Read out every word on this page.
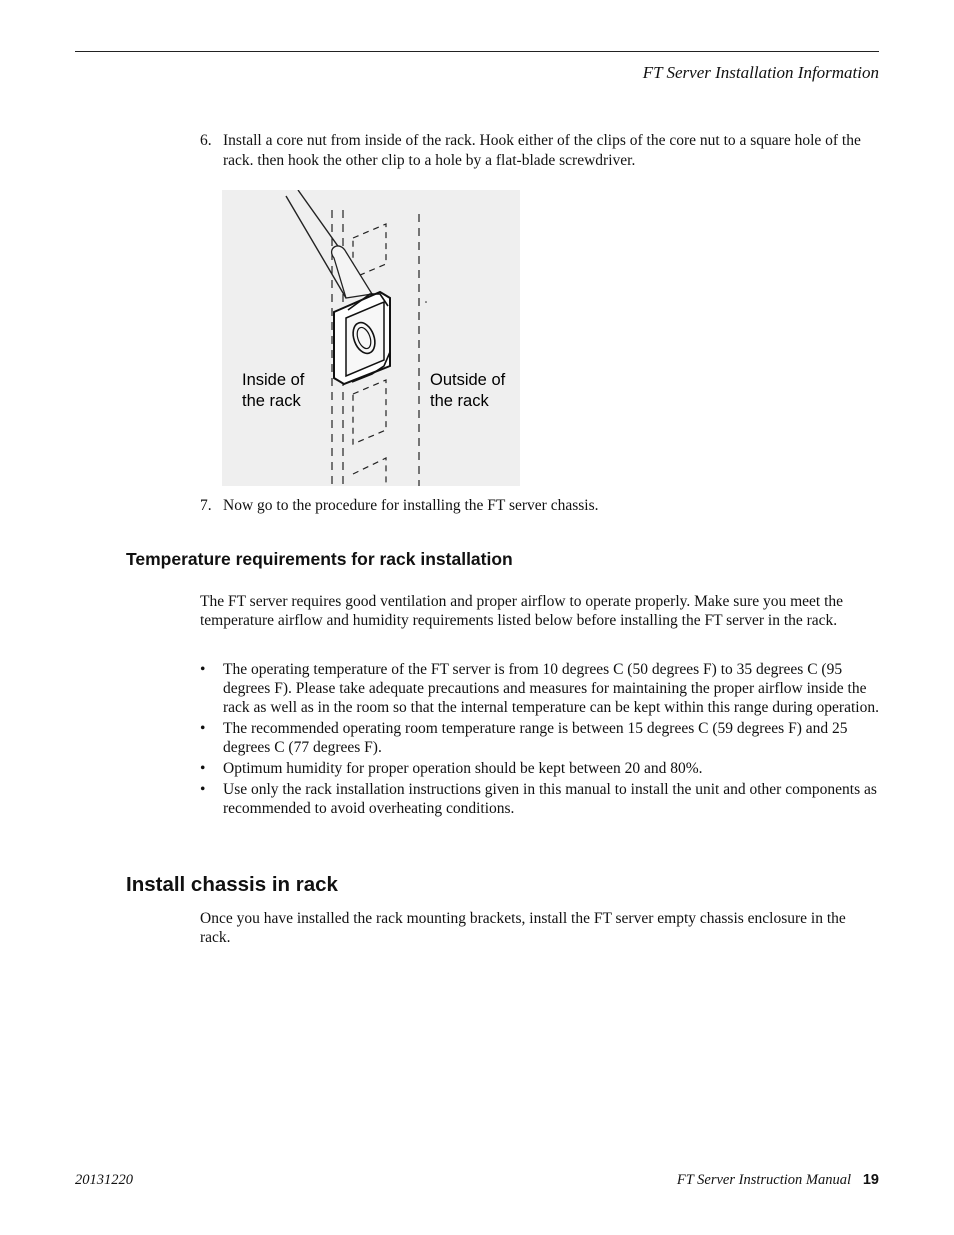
FT Server Installation Information
6. Install a core nut from inside of the rack. Hook either of the clips of the core nut to a square hole of the rack. then hook the other clip to a hole by a flat-blade screwdriver.
Inside of
the rack
Outside of
the rack
7. Now go to the procedure for installing the FT server chassis.
Temperature requirements for rack installation
The FT server requires good ventilation and proper airflow to operate properly. Make sure you meet the temperature airflow and humidity requirements listed below before installing the FT server in the rack.
• The operating temperature of the FT server is from 10 degrees C (50 degrees F) to 35 degrees C (95 degrees F). Please take adequate precautions and measures for maintaining the proper airflow inside the rack as well as in the room so that the internal temperature can be kept within this range during operation.
• The recommended operating room temperature range is between 15 degrees C (59 degrees F) and 25 degrees C (77 degrees F).
• Optimum humidity for proper operation should be kept between 20 and 80%.
• Use only the rack installation instructions given in this manual to install the unit and other components as recommended to avoid overheating conditions.
Install chassis in rack
Once you have installed the rack mounting brackets, install the FT server empty chassis enclosure in the rack.
20131220	FT Server Instruction Manual 19
